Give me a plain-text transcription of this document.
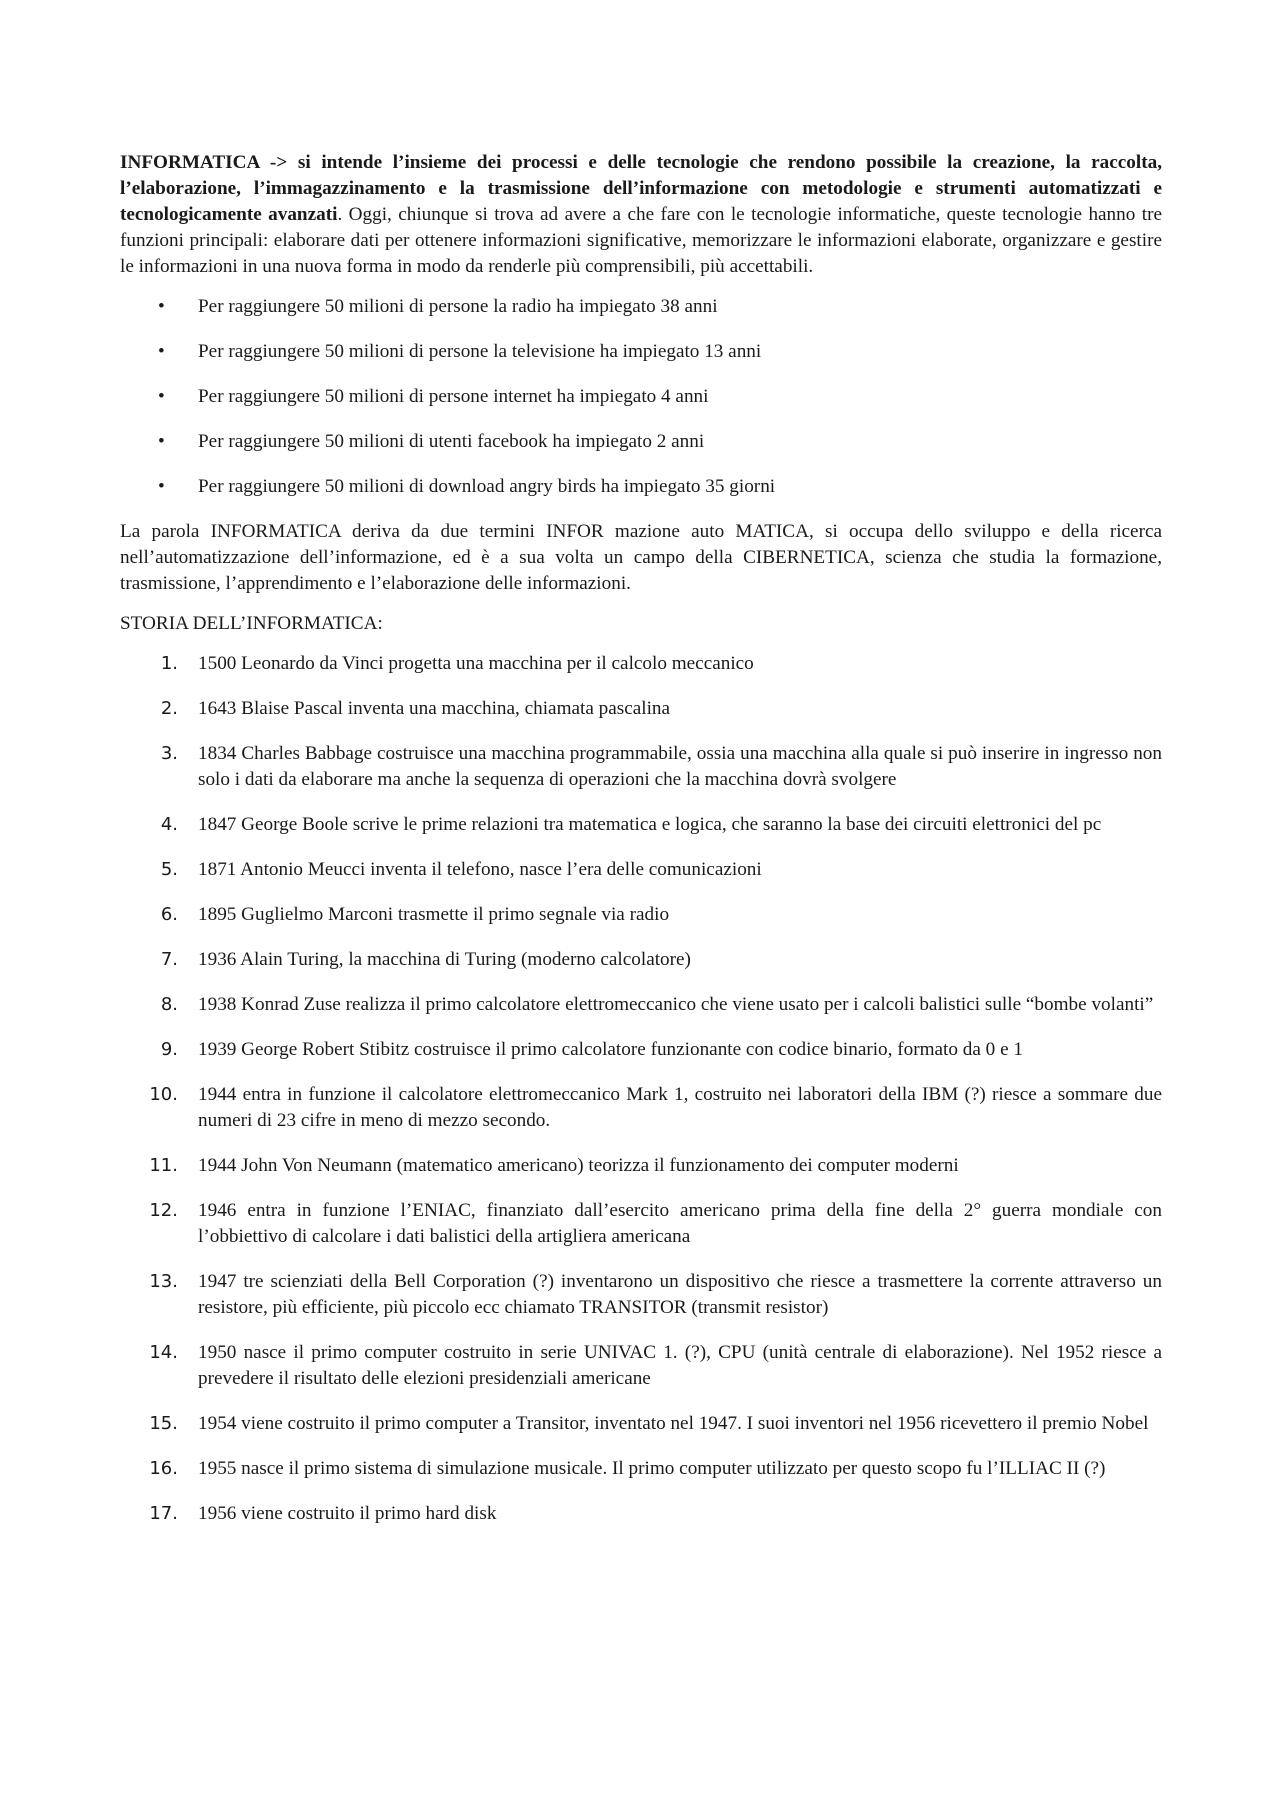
INFORMATICA -> si intende l’insieme dei processi e delle tecnologie che rendono possibile la creazione, la raccolta, l’elaborazione, l’immagazzinamento e la trasmissione dell’informazione con metodologie e strumenti automatizzati e tecnologicamente avanzati. Oggi, chiunque si trova ad avere a che fare con le tecnologie informatiche, queste tecnologie hanno tre funzioni principali: elaborare dati per ottenere informazioni significative, memorizzare le informazioni elaborate, organizzare e gestire le informazioni in una nuova forma in modo da renderle più comprensibili, più accettabili.

• Per raggiungere 50 milioni di persone la radio ha impiegato 38 anni
• Per raggiungere 50 milioni di persone la televisione ha impiegato 13 anni
• Per raggiungere 50 milioni di persone internet ha impiegato 4 anni
• Per raggiungere 50 milioni di utenti facebook ha impiegato 2 anni
• Per raggiungere 50 milioni di download angry birds ha impiegato 35 giorni

La parola INFORMATICA deriva da due termini INFOR mazione auto MATICA, si occupa dello sviluppo e della ricerca nell’automatizzazione dell’informazione, ed è a sua volta un campo della CIBERNETICA, scienza che studia la formazione, trasmissione, l’apprendimento e l’elaborazione delle informazioni.

STORIA DELL’INFORMATICA:

1. 1500 Leonardo da Vinci progetta una macchina per il calcolo meccanico
2. 1643 Blaise Pascal inventa una macchina, chiamata pascalina
3. 1834 Charles Babbage costruisce una macchina programmabile, ossia una macchina alla quale si può inserire in ingresso non solo i dati da elaborare ma anche la sequenza di operazioni che la macchina dovrà svolgere
4. 1847 George Boole scrive le prime relazioni tra matematica e logica, che saranno la base dei circuiti elettronici del pc
5. 1871 Antonio Meucci inventa il telefono, nasce l’era delle comunicazioni
6. 1895 Guglielmo Marconi trasmette il primo segnale via radio
7. 1936 Alain Turing, la macchina di Turing (moderno calcolatore)
8. 1938 Konrad Zuse realizza il primo calcolatore elettromeccanico che viene usato per i calcoli balistici sulle “bombe volanti”
9. 1939 George Robert Stibitz costruisce il primo calcolatore funzionante con codice binario, formato da 0 e 1
10. 1944 entra in funzione il calcolatore elettromeccanico Mark 1, costruito nei laboratori della IBM (?) riesce a sommare due numeri di 23 cifre in meno di mezzo secondo.
11. 1944 John Von Neumann (matematico americano) teorizza il funzionamento dei computer moderni
12. 1946 entra in funzione l’ENIAC, finanziato dall’esercito americano prima della fine della 2° guerra mondiale con l’obbiettivo di calcolare i dati balistici della artigliera americana
13. 1947 tre scienziati della Bell Corporation (?) inventarono un dispositivo che riesce a trasmettere la corrente attraverso un resistore, più efficiente, più piccolo ecc chiamato TRANSITOR (transmit resistor)
14. 1950 nasce il primo computer costruito in serie UNIVAC 1. (?), CPU (unità centrale di elaborazione). Nel 1952 riesce a prevedere il risultato delle elezioni presidenziali americane
15. 1954 viene costruito il primo computer a Transitor, inventato nel 1947. I suoi inventori nel 1956 ricevettero il premio Nobel
16. 1955 nasce il primo sistema di simulazione musicale. Il primo computer utilizzato per questo scopo fu l’ILLIAC II (?)
17. 1956 viene costruito il primo hard disk
